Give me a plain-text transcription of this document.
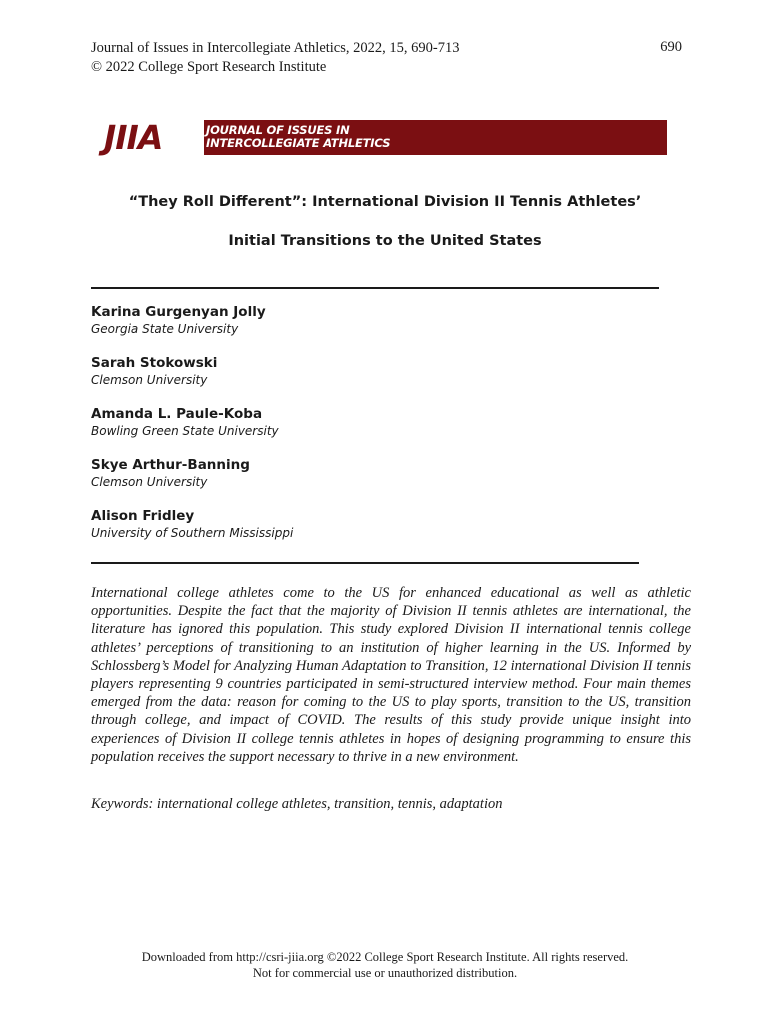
Journal of Issues in Intercollegiate Athletics, 2022, 15, 690-713
© 2022 College Sport Research Institute
690
JIIA	JOURNAL OF ISSUES IN
INTERCOLLEGIATE ATHLETICS
“They Roll Different”: International Division II Tennis Athletes’
Initial Transitions to the United States
Karina Gurgenyan Jolly
Georgia State University
Sarah Stokowski
Clemson University
Amanda L. Paule-Koba
Bowling Green State University
Skye Arthur-Banning
Clemson University
Alison Fridley
University of Southern Mississippi
International college athletes come to the US for enhanced educational as well as athletic opportunities. Despite the fact that the majority of Division II tennis athletes are international, the literature has ignored this population. This study explored Division II international tennis college athletes’ perceptions of transitioning to an institution of higher learning in the US. Informed by Schlossberg’s Model for Analyzing Human Adaptation to Transition, 12 international Division II tennis players representing 9 countries participated in semi-structured interview method. Four main themes emerged from the data: reason for coming to the US to play sports, transition to the US, transition through college, and impact of COVID. The results of this study provide unique insight into experiences of Division II college tennis athletes in hopes of designing programming to ensure this population receives the support necessary to thrive in a new environment.
Keywords: international college athletes, transition, tennis, adaptation
Downloaded from http://csri-jiia.org ©2022 College Sport Research Institute. All rights reserved.
Not for commercial use or unauthorized distribution.
